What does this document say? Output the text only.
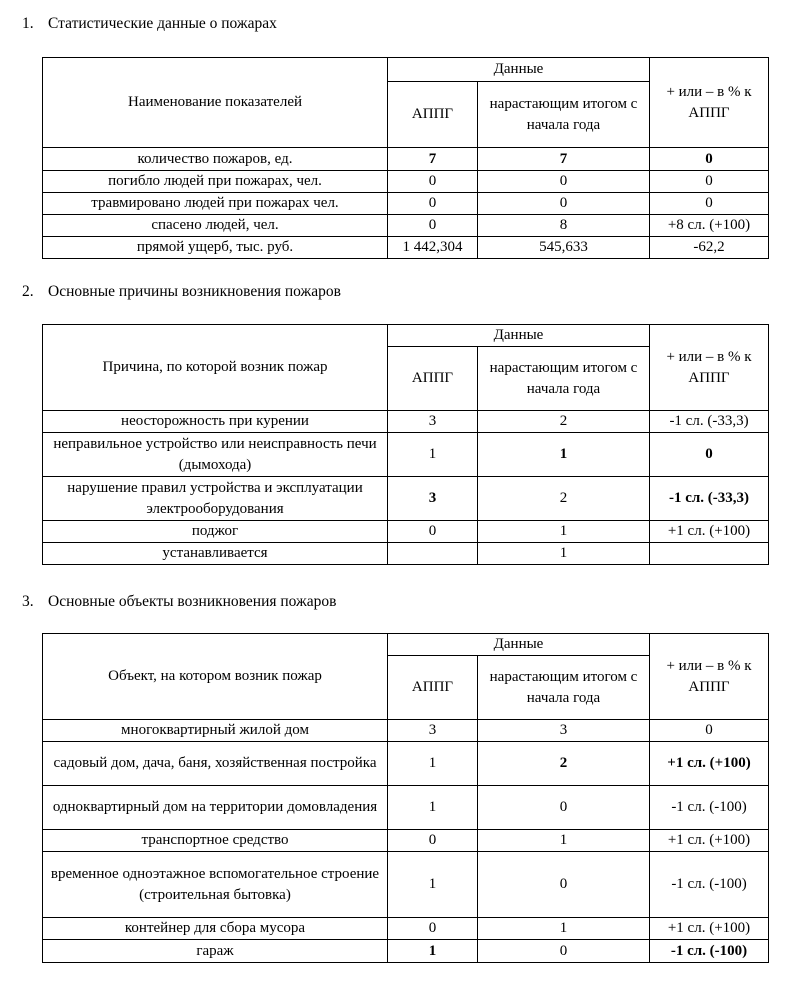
1. Статистические данные о пожарах
Наименование показателей	Данные		+ или – в % к АППГ
	АППГ	нарастающим итогом с начала года	
количество пожаров, ед.	7	7	0
погибло людей при пожарах, чел.	0	0	0
травмировано людей при пожарах чел.	0	0	0
спасено людей, чел.	0	8	+8 сл. (+100)
прямой ущерб, тыс. руб.	1 442,304	545,633	-62,2
2. Основные причины возникновения пожаров
Причина, по которой возник пожар	Данные		+ или – в % к АППГ
	АППГ	нарастающим итогом с начала года	
неосторожность при курении	3	2	-1 сл. (-33,3)
неправильное устройство или неисправность печи (дымохода)	1	1	0
нарушение правил устройства и эксплуатации электрооборудования	3	2	-1 сл. (-33,3)
поджог	0	1	+1 сл. (+100)
устанавливается		1	
3. Основные объекты возникновения пожаров
Объект, на котором возник пожар	Данные		+ или – в % к АППГ
	АППГ	нарастающим итогом с начала года	
многоквартирный жилой дом	3	3	0
садовый дом, дача, баня, хозяйственная постройка	1	2	+1 сл. (+100)
одноквартирный дом на территории домовладения	1	0	-1 сл. (-100)
транспортное средство	0	1	+1 сл. (+100)
временное одноэтажное вспомогательное строение (строительная бытовка)	1	0	-1 сл. (-100)
контейнер для сбора мусора	0	1	+1 сл. (+100)
гараж	1	0	-1 сл. (-100)
